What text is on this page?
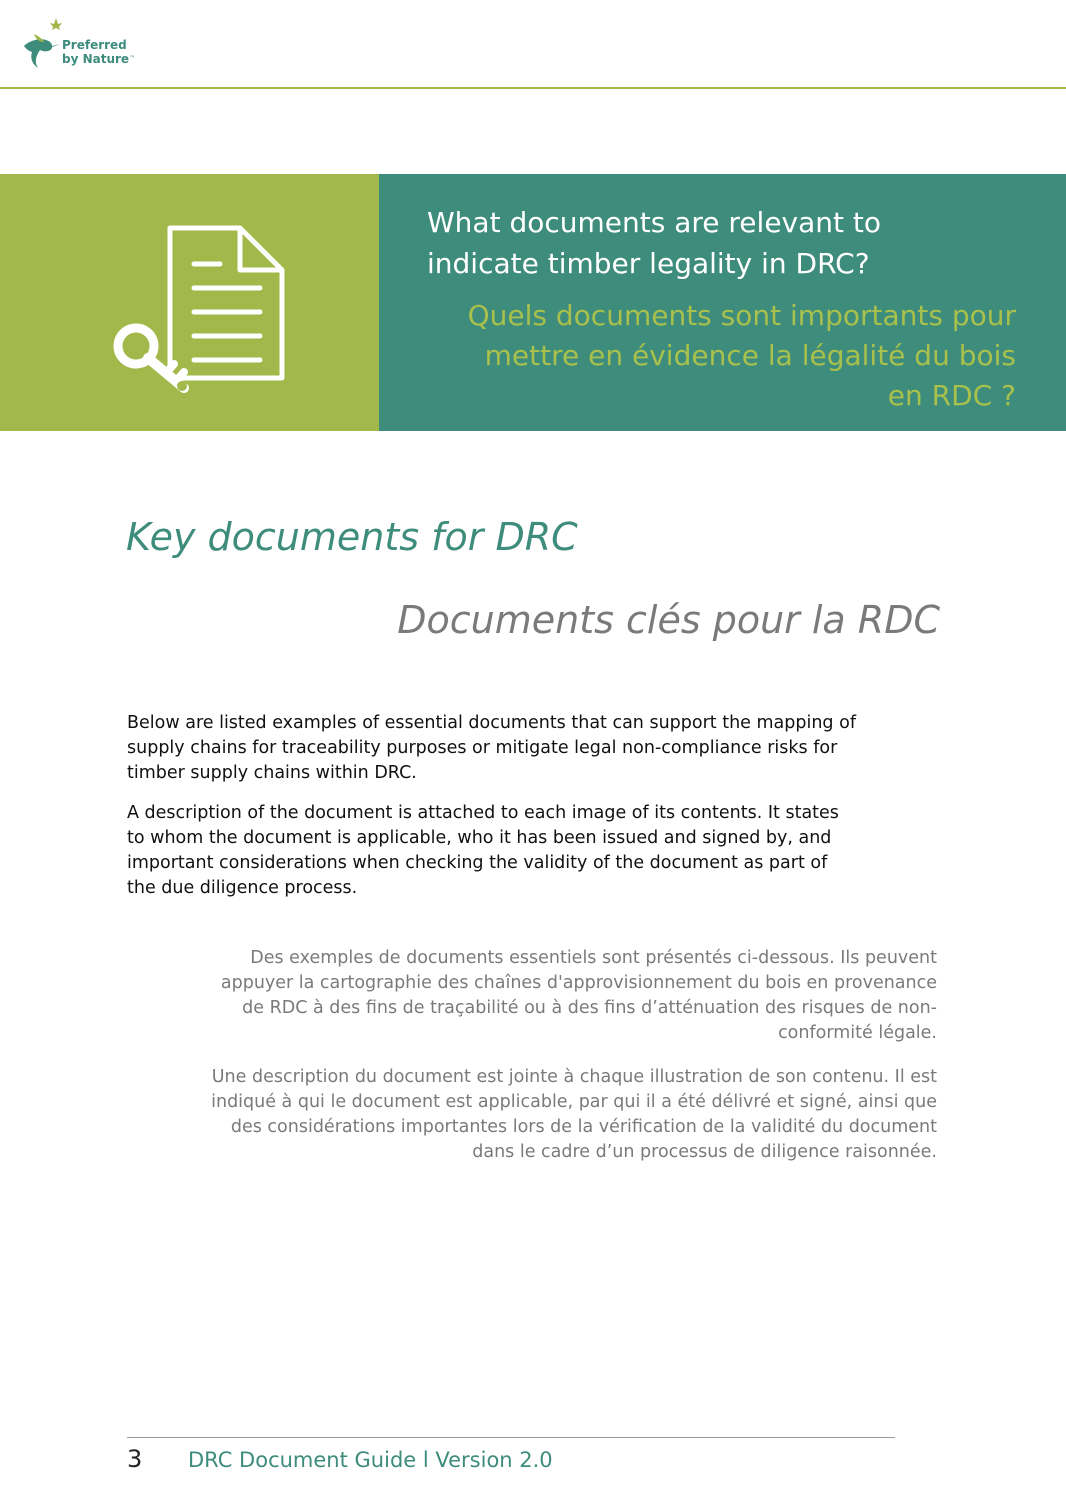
Preferred
by Nature™
What documents are relevant to indicate timber legality in DRC?
Quels documents sont importants pour mettre en évidence la légalité du bois en RDC ?
Key documents for DRC
Documents clés pour la RDC

Below are listed examples of essential documents that can support the mapping of supply chains for traceability purposes or mitigate legal non-compliance risks for timber supply chains within DRC.

A description of the document is attached to each image of its contents. It states to whom the document is applicable, who it has been issued and signed by, and important considerations when checking the validity of the document as part of the due diligence process.

Des exemples de documents essentiels sont présentés ci-dessous. Ils peuvent appuyer la cartographie des chaînes d'approvisionnement du bois en provenance de RDC à des fins de traçabilité ou à des fins d’atténuation des risques de non-conformité légale.

Une description du document est jointe à chaque illustration de son contenu. Il est indiqué à qui le document est applicable, par qui il a été délivré et signé, ainsi que des considérations importantes lors de la vérification de la validité du document dans le cadre d’un processus de diligence raisonnée.

3 DRC Document Guide l Version 2.0
